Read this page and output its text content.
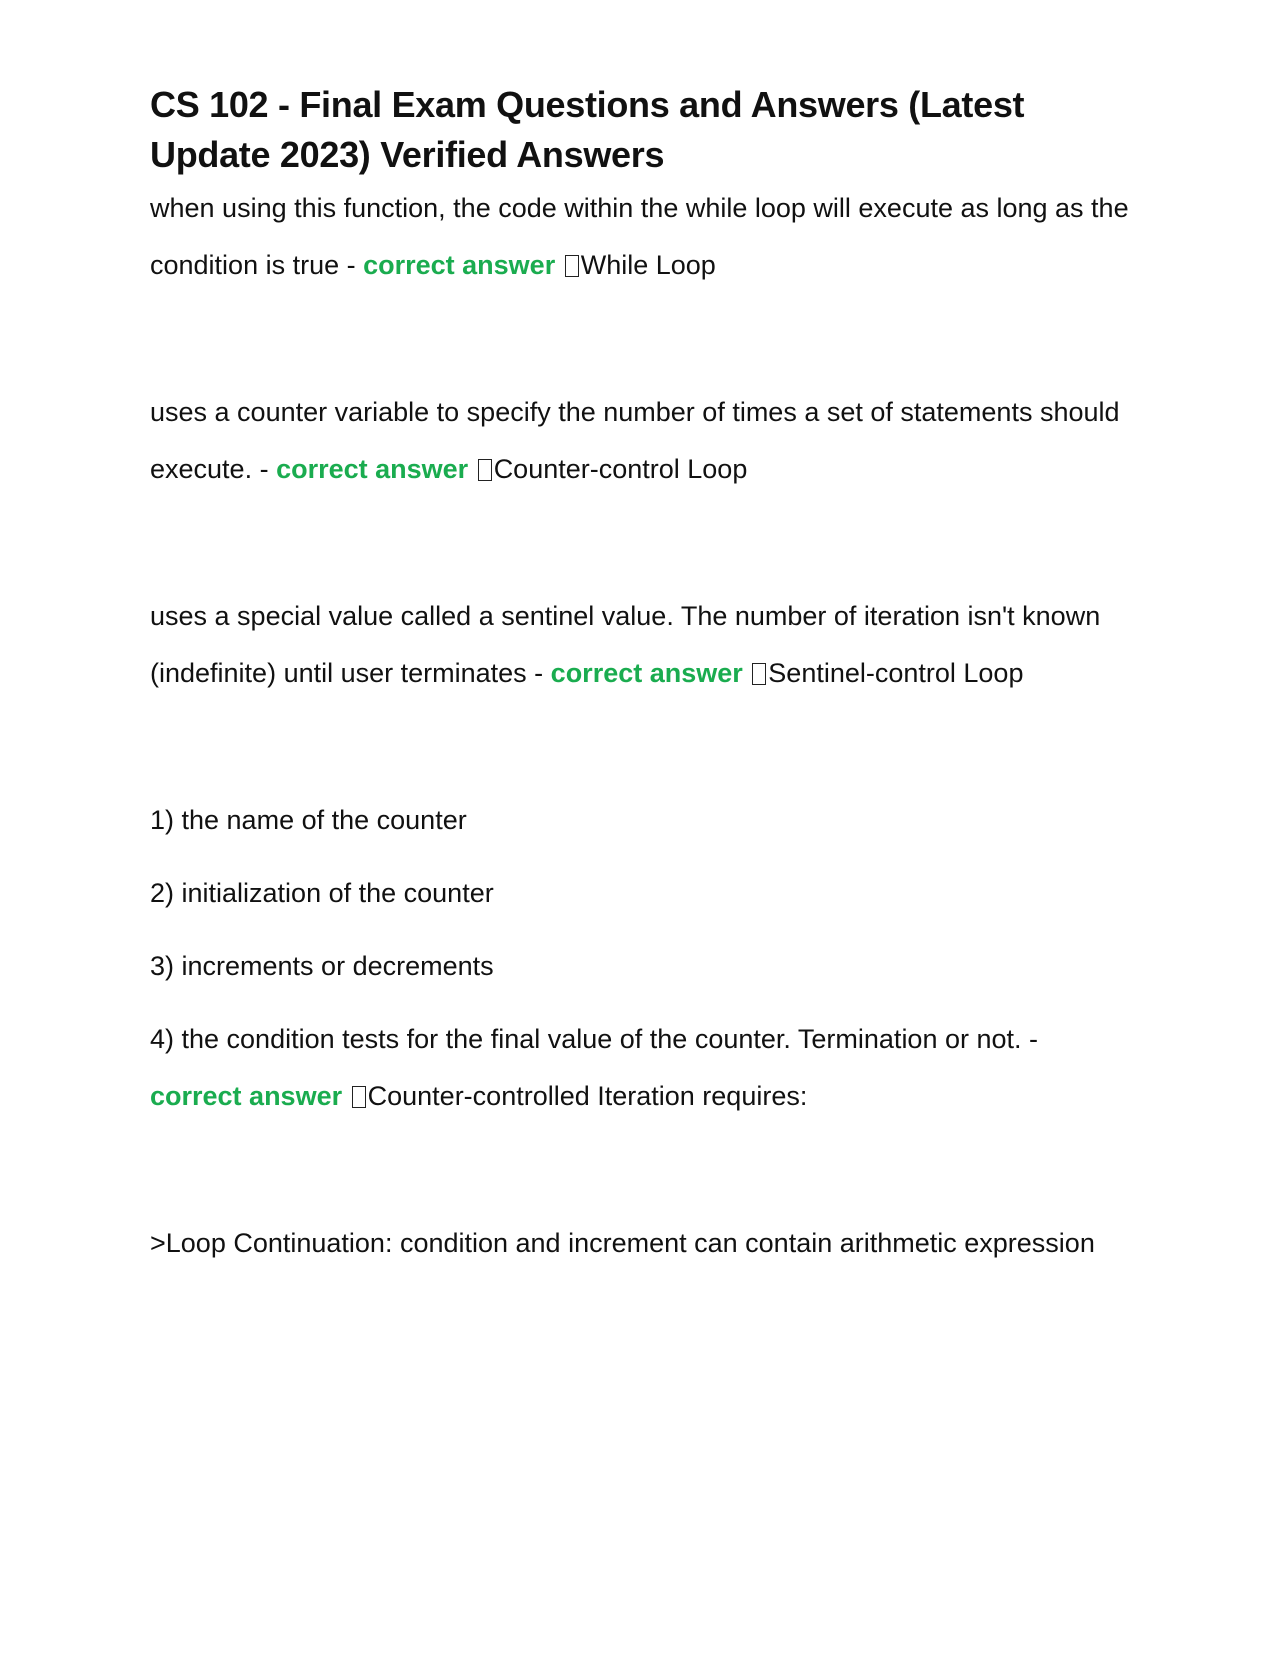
CS 102 - Final Exam Questions and Answers (Latest Update 2023) Verified Answers

when using this function, the code within the while loop will execute as long as the condition is true - correct answer While Loop

uses a counter variable to specify the number of times a set of statements should execute. - correct answer Counter-control Loop

uses a special value called a sentinel value. The number of iteration isn't known (indefinite) until user terminates - correct answer Sentinel-control Loop

1) the name of the counter

2) initialization of the counter

3) increments or decrements

4) the condition tests for the final value of the counter. Termination or not. - correct answer Counter-controlled Iteration requires:

>Loop Continuation: condition and increment can contain arithmetic expression
